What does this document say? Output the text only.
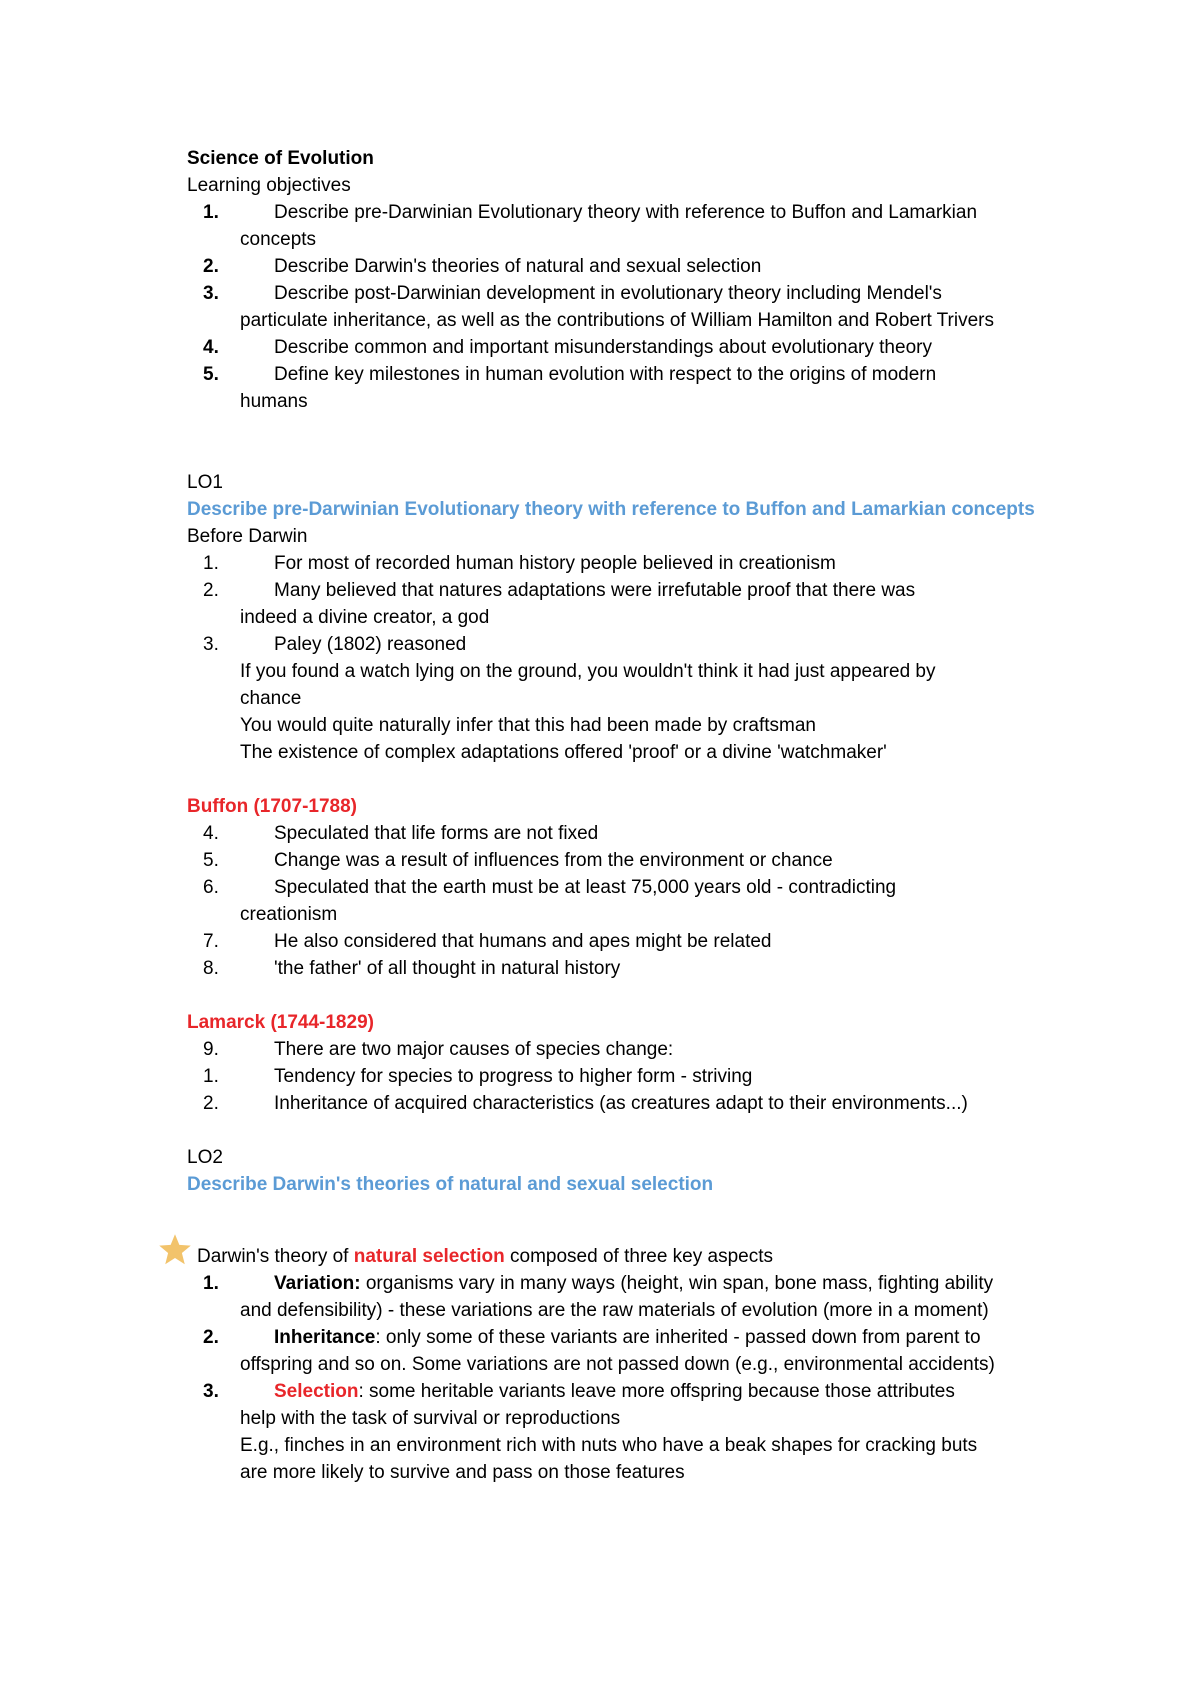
Science of Evolution

Learning objectives

1.	Describe pre-Darwinian Evolutionary theory with reference to Buffon and Lamarkian
concepts
2.	Describe Darwin's theories of natural and sexual selection
3.	Describe post-Darwinian development in evolutionary theory including Mendel's
particulate inheritance, as well as the contributions of William Hamilton and Robert Trivers
4.	Describe common and important misunderstandings about evolutionary theory
5.	Define key milestones in human evolution with respect to the origins of modern
humans

LO1

Describe pre-Darwinian Evolutionary theory with reference to Buffon and Lamarkian concepts

Before Darwin

1.	For most of recorded human history people believed in creationism
2.	Many believed that natures adaptations were irrefutable proof that there was
indeed a divine creator, a god
3.	Paley (1802) reasoned
If you found a watch lying on the ground, you wouldn't think it had just appeared by
chance
You would quite naturally infer that this had been made by craftsman
The existence of complex adaptations offered 'proof' or a divine 'watchmaker'

Buffon (1707-1788)

4.	Speculated that life forms are not fixed
5.	Change was a result of influences from the environment or chance
6.	Speculated that the earth must be at least 75,000 years old - contradicting
creationism
7.	He also considered that humans and apes might be related
8.	'the father' of all thought in natural history

Lamarck (1744-1829)

9.	There are two major causes of species change:
1.	Tendency for species to progress to higher form - striving
2.	Inheritance of acquired characteristics (as creatures adapt to their environments...)

LO2

Describe Darwin's theories of natural and sexual selection

Darwin's theory of natural selection composed of three key aspects
1.	Variation: organisms vary in many ways (height, win span, bone mass, fighting ability
and defensibility) - these variations are the raw materials of evolution (more in a moment)
2.	Inheritance: only some of these variants are inherited - passed down from parent to
offspring and so on. Some variations are not passed down (e.g., environmental accidents)
3.	Selection: some heritable variants leave more offspring because those attributes
help with the task of survival or reproductions
E.g., finches in an environment rich with nuts who have a beak shapes for cracking buts
are more likely to survive and pass on those features
